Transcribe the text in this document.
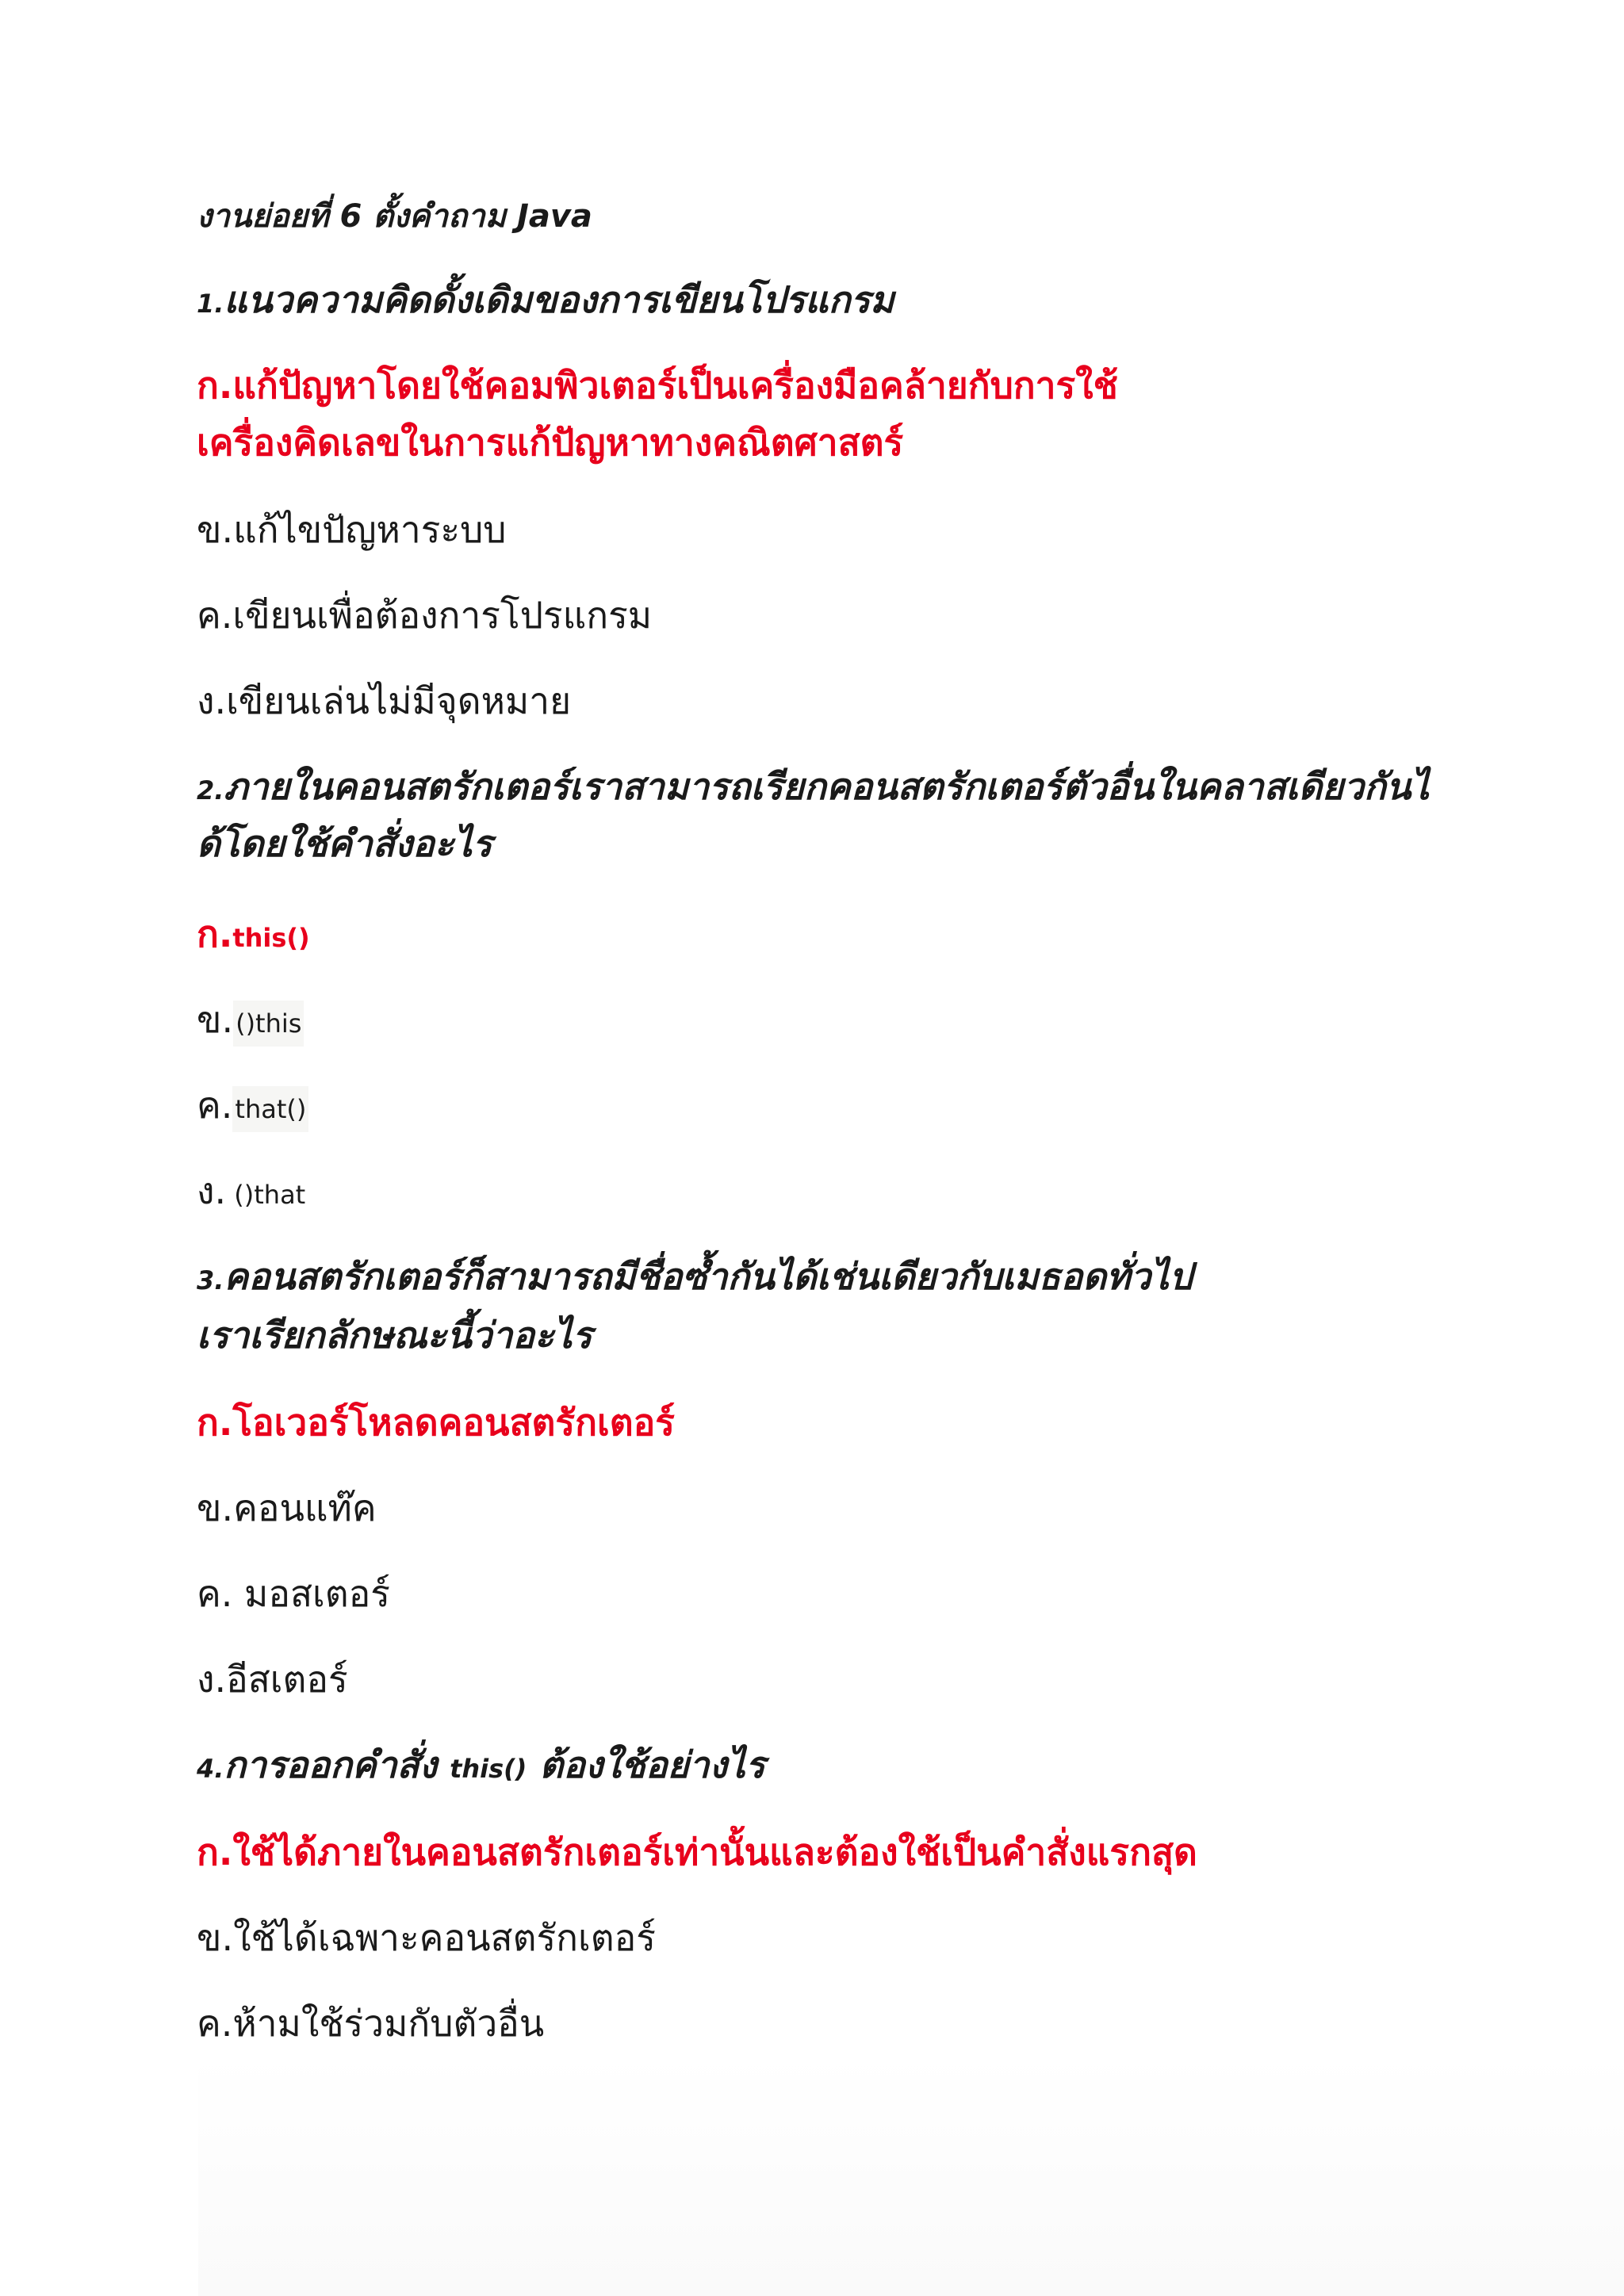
งานย่อยที่ 6 ตั้งคำถาม Java
1.แนวความคิดดั้งเดิมของการเขียนโปรแกรม
ก.แก้ปัญหาโดยใช้คอมพิวเตอร์เป็นเครื่องมือคล้ายกับการใช้
เครื่องคิดเลขในการแก้ปัญหาทางคณิตศาสตร์
ข.แก้ไขปัญหาระบบ
ค.เขียนเพื่อต้องการโปรแกรม
ง.เขียนเล่นไม่มีจุดหมาย
2.ภายในคอนสตรักเตอร์เราสามารถเรียกคอนสตรักเตอร์ตัวอื่นในคลาสเดียวกันไ
ด้โดยใช้คำสั่งอะไร
ก.this()
ข.()this
ค.that()
ง. ()that
3.คอนสตรักเตอร์ก็สามารถมีชื่อซ้ำกันได้เช่นเดียวกับเมธอดทั่วไป
เราเรียกลักษณะนี้ว่าอะไร
ก.โอเวอร์โหลดคอนสตรักเตอร์
ข.คอนแท๊ค
ค. มอสเตอร์
ง.อีสเตอร์
4.การออกคำสั่ง this() ต้องใช้อย่างไร
ก.ใช้ได้ภายในคอนสตรักเตอร์เท่านั้นและต้องใช้เป็นคำสั่งแรกสุด
ข.ใช้ได้เฉพาะคอนสตรักเตอร์
ค.ห้ามใช้ร่วมกับตัวอื่น
